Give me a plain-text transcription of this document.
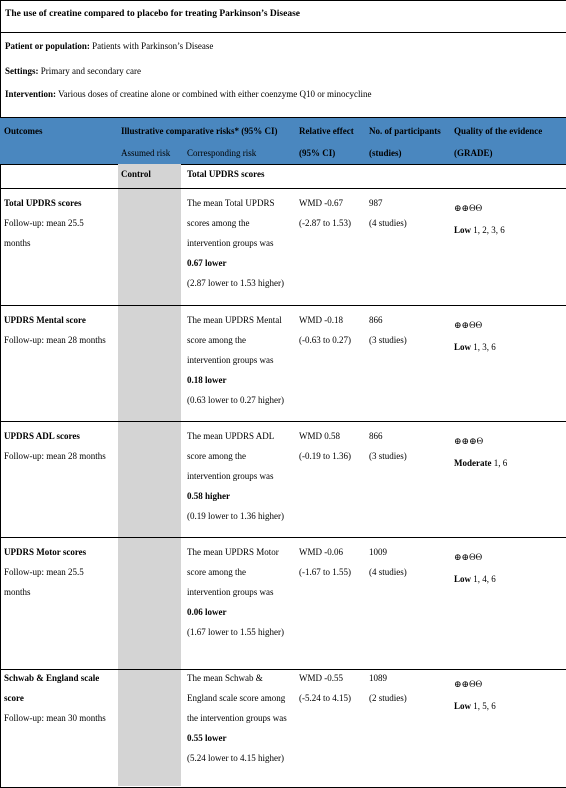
The use of creatine compared to placebo for treating Parkinson’s Disease
Patient or population: Patients with Parkinson’s Disease
Settings: Primary and secondary care
Intervention: Various doses of creatine alone or combined with either coenzyme Q10 or minocycline
Outcomes	Illustrative comparative risks* (95% CI)
Assumed risk Corresponding risk
Relative effect
(95% CI)
No. of participants
(studies)
Quality of the evidence
(GRADE)
Control	Total UPDRS scores
Total UPDRS scores
Follow-up: mean 25.5
months
The mean Total UPDRS
scores among the
intervention groups was
0.67 lower
(2.87 lower to 1.53 higher)
WMD -0.67
(-2.87 to 1.53)
987
(4 studies)
⊕⊕ΘΘ
Low 1, 2, 3, 6
UPDRS Mental score
Follow-up: mean 28 months
The mean UPDRS Mental
score among the
intervention groups was
0.18 lower
(0.63 lower to 0.27 higher)
WMD -0.18
(-0.63 to 0.27)
866
(3 studies)
⊕⊕ΘΘ
Low 1, 3, 6
UPDRS ADL scores
Follow-up: mean 28 months
The mean UPDRS ADL
score among the
intervention groups was
0.58 higher
(0.19 lower to 1.36 higher)
WMD 0.58
(-0.19 to 1.36)
866
(3 studies)
⊕⊕⊕Θ
Moderate 1, 6
UPDRS Motor scores
Follow-up: mean 25.5
months
The mean UPDRS Motor
score among the
intervention groups was
0.06 lower
(1.67 lower to 1.55 higher)
WMD -0.06
(-1.67 to 1.55)
1009
(4 studies)
⊕⊕ΘΘ
Low 1, 4, 6
Schwab & England scale
score
Follow-up: mean 30 months
The mean Schwab &
England scale score among
the intervention groups was
0.55 lower
(5.24 lower to 4.15 higher)
WMD -0.55
(-5.24 to 4.15)
1089
(2 studies)
⊕⊕ΘΘ
Low 1, 5, 6
